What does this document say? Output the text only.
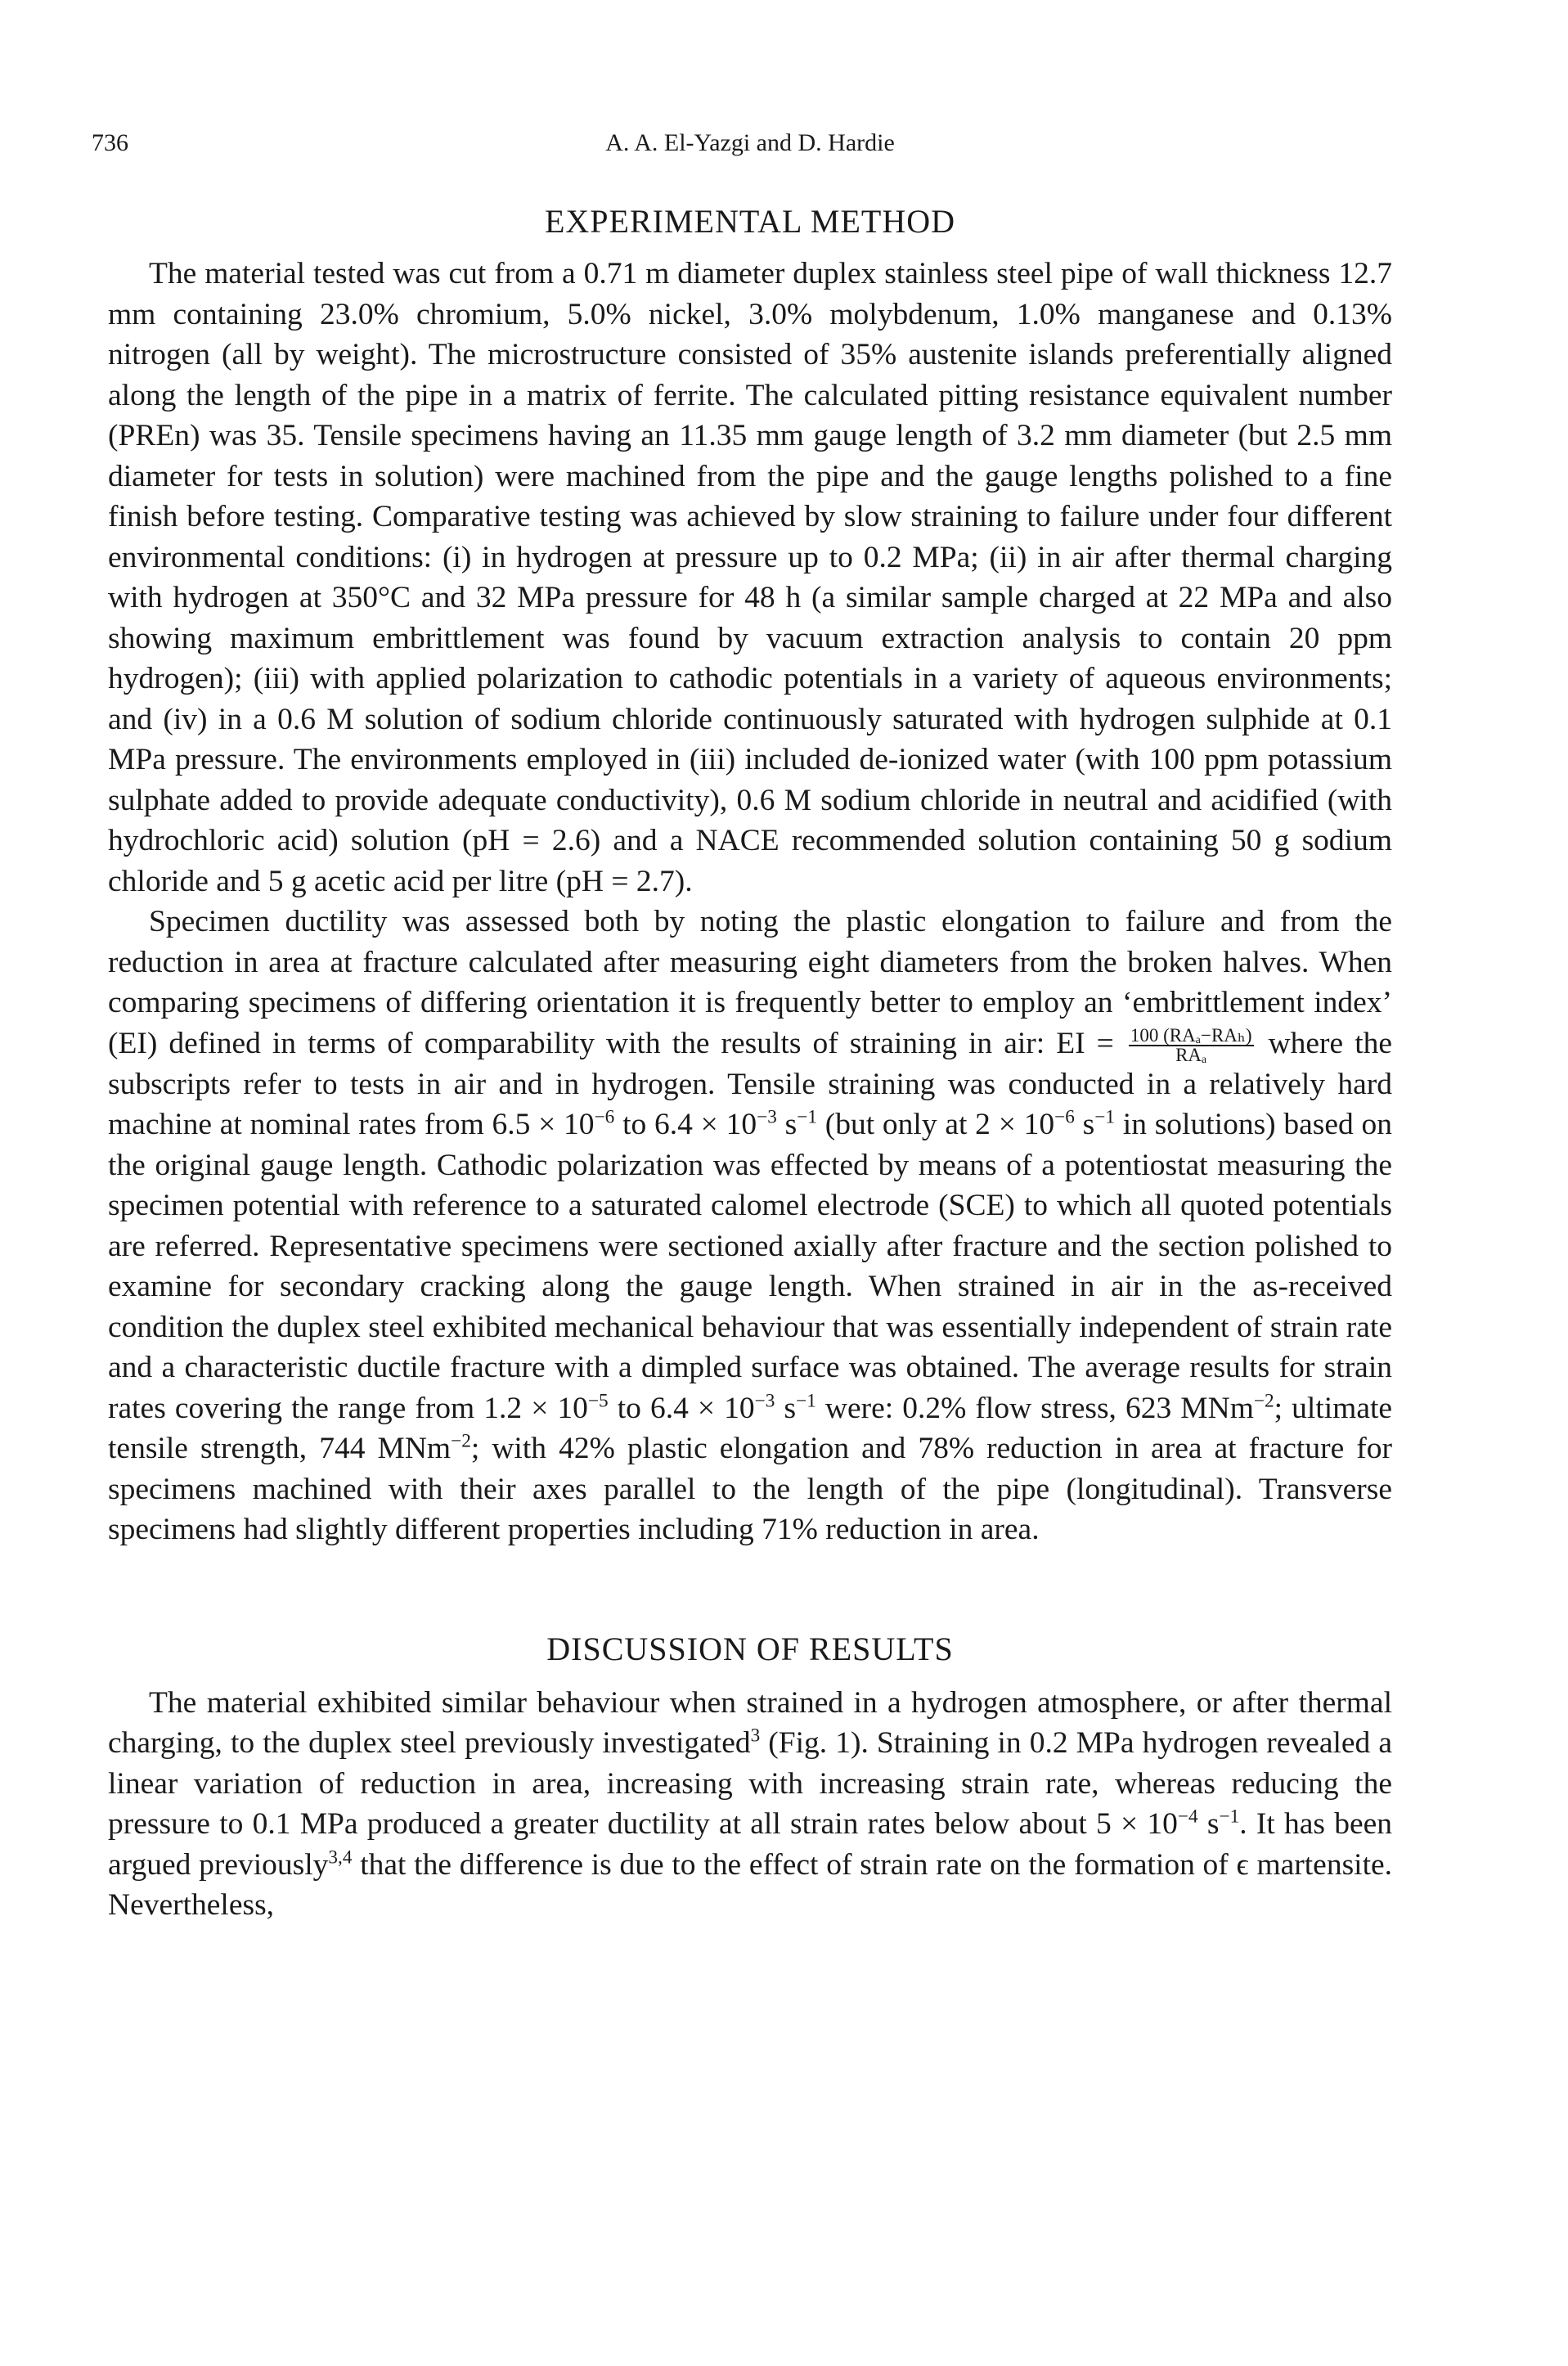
736	A. A. El-Yazgi and D. Hardie
EXPERIMENTAL METHOD

The material tested was cut from a 0.71 m diameter duplex stainless steel pipe of wall thickness 12.7 mm containing 23.0% chromium, 5.0% nickel, 3.0% molybdenum, 1.0% manganese and 0.13% nitrogen (all by weight). The microstructure consisted of 35% austenite islands preferentially aligned along the length of the pipe in a matrix of ferrite. The calculated pitting resistance equivalent number (PREn) was 35. Tensile specimens having an 11.35 mm gauge length of 3.2 mm diameter (but 2.5 mm diameter for tests in solution) were machined from the pipe and the gauge lengths polished to a fine finish before testing. Comparative testing was achieved by slow straining to failure under four different environmental conditions: (i) in hydrogen at pressure up to 0.2 MPa; (ii) in air after thermal charging with hydrogen at 350°C and 32 MPa pressure for 48 h (a similar sample charged at 22 MPa and also showing maximum embrittlement was found by vacuum extraction analysis to contain 20 ppm hydrogen); (iii) with applied polarization to cathodic potentials in a variety of aqueous environments; and (iv) in a 0.6 M solution of sodium chloride continuously saturated with hydrogen sulphide at 0.1 MPa pressure. The environments employed in (iii) included de-ionized water (with 100 ppm potassium sulphate added to provide adequate conductivity), 0.6 M sodium chloride in neutral and acidified (with hydrochloric acid) solution (pH = 2.6) and a NACE recommended solution containing 50 g sodium chloride and 5 g acetic acid per litre (pH = 2.7).

Specimen ductility was assessed both by noting the plastic elongation to failure and from the reduction in area at fracture calculated after measuring eight diameters from the broken halves. When comparing specimens of differing orientation it is frequently better to employ an ‘embrittlement index’ (EI) defined in terms of comparability with the results of straining in air: EI = $\frac{\text{100 (RAₐ−RAₕ)}}{\text{RAₐ}}$ where the subscripts refer to tests in air and in hydrogen. Tensile straining was conducted in a relatively hard machine at nominal rates from $6.5 \times 10^{-6}$ to $6.4 \times 10^{-3}$ $s^{-1}$ (but only at $2 \times 10^{-6}$ $s^{-1}$ in solutions) based on the original gauge length. Cathodic polarization was effected by means of a potentiostat measuring the specimen potential with reference to a saturated calomel electrode (SCE) to which all quoted potentials are referred. Representative specimens were sectioned axially after fracture and the section polished to examine for secondary cracking along the gauge length. When strained in air in the as-received condition the duplex steel exhibited mechanical behaviour that was essentially independent of strain rate and a characteristic ductile fracture with a dimpled surface was obtained. The average results for strain rates covering the range from $1.2 \times 10^{-5}$ to $6.4 \times 10^{-3}$ $s^{-1}$ were: 0.2% flow stress, 623 MNm$^{-2}$; ultimate tensile strength, 744 MNm$^{-2}$; with 42% plastic elongation and 78% reduction in area at fracture for specimens machined with their axes parallel to the length of the pipe (longitudinal). Transverse specimens had slightly different properties including 71% reduction in area.

DISCUSSION OF RESULTS

The material exhibited similar behaviour when strained in a hydrogen atmosphere, or after thermal charging, to the duplex steel previously investigated$^3$ (Fig. 1). Straining in 0.2 MPa hydrogen revealed a linear variation of reduction in area, increasing with increasing strain rate, whereas reducing the pressure to 0.1 MPa produced a greater ductility at all strain rates below about $5 \times 10^{-4}$ $s^{-1}$. It has been argued previously$^{3,4}$ that the difference is due to the effect of strain rate on the formation of ϵ martensite. Nevertheless,
